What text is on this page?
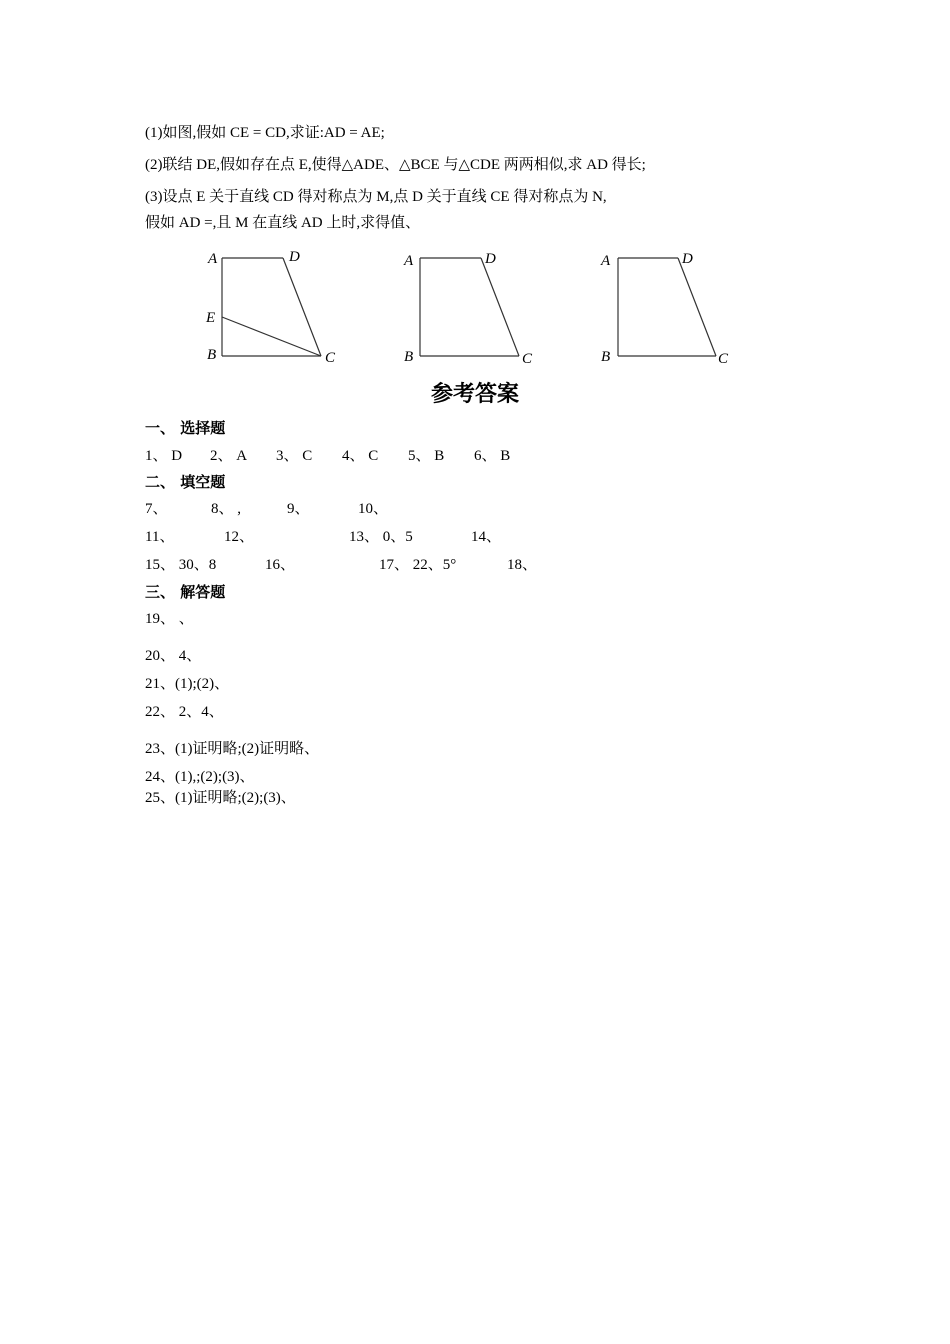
(1)如图,假如 CE = CD,求证:AD = AE;
(2)联结 DE,假如存在点 E,使得△ADE、△BCE 与△CDE 两两相似,求 AD 得长;
(3)设点 E 关于直线 CD 得对称点为 M,点 D 关于直线 CE 得对称点为 N,
假如 AD =,且 M 在直线 AD 上时,求得值、
A	D
E
B	C
A	D
B	C
A	D
B	C
参考答案
一、 选择题
1、 D 2、 A 3、 C 4、 C 5、 B 6、 B
二、 填空题
7、	8、 ,	9、	10、
11、	12、	13、 0、5	14、
15、 30、8	16、	17、 22、5°	18、
三、 解答题
19、 、
20、 4、
21、(1);(2)、
22、 2、4、
23、(1)证明略;(2)证明略、
24、(1),;(2);(3)、
25、(1)证明略;(2);(3)、
